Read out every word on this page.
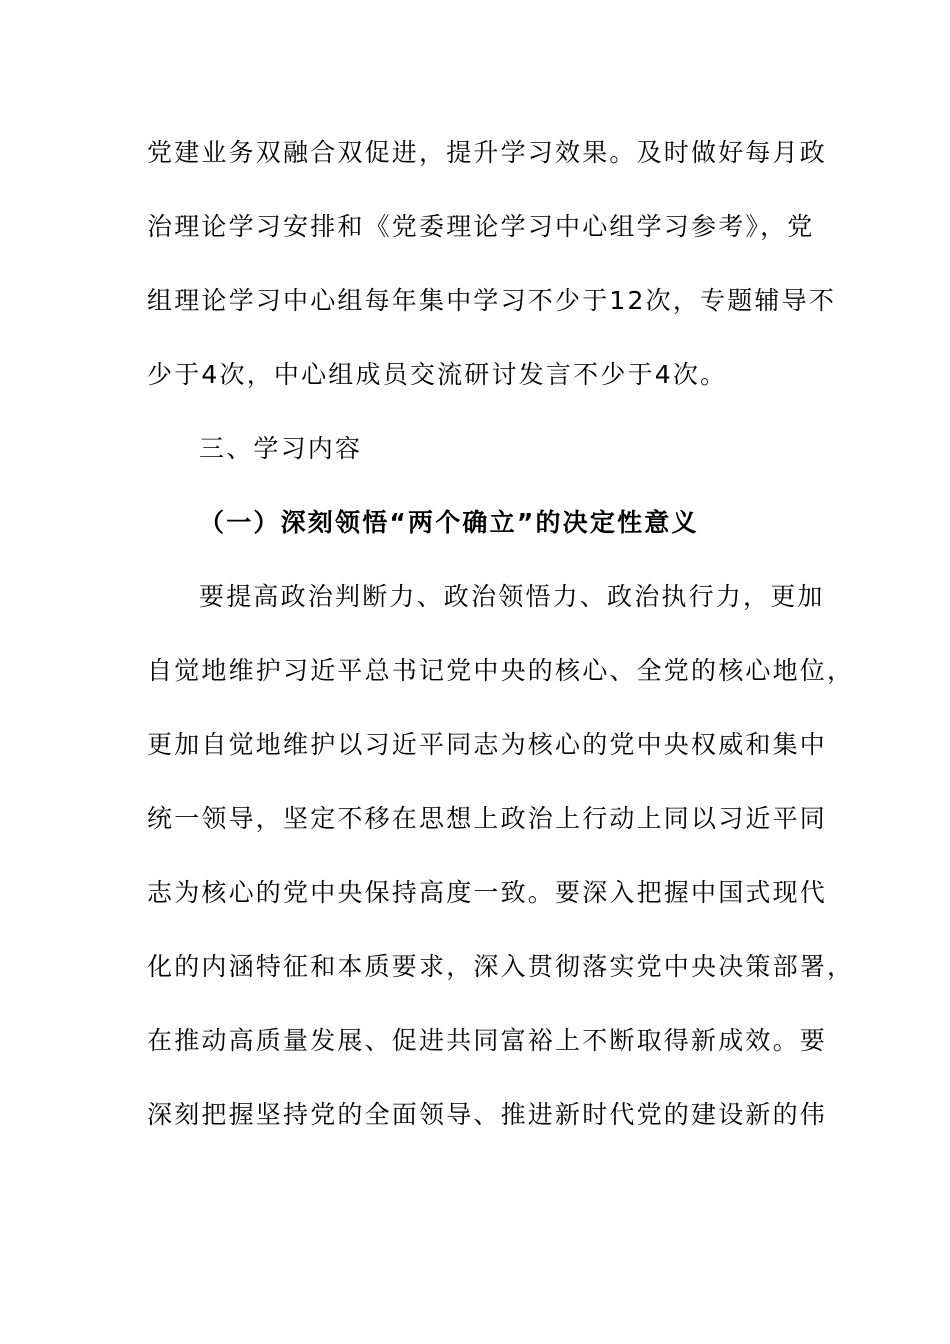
党建业务双融合双促进，提升学习效果。及时做好每月政
治理论学习安排和《党委理论学习中心组学习参考》，党
组理论学习中心组每年集中学习不少于12次，专题辅导不
少于4次，中心组成员交流研讨发言不少于4次。
三、学习内容
（一）深刻领悟“两个确立”的决定性意义
要提高政治判断力、政治领悟力、政治执行力，更加
自觉地维护习近平总书记党中央的核心、全党的核心地位，
更加自觉地维护以习近平同志为核心的党中央权威和集中
统一领导，坚定不移在思想上政治上行动上同以习近平同
志为核心的党中央保持高度一致。要深入把握中国式现代
化的内涵特征和本质要求，深入贯彻落实党中央决策部署，
在推动高质量发展、促进共同富裕上不断取得新成效。要
深刻把握坚持党的全面领导、推进新时代党的建设新的伟
